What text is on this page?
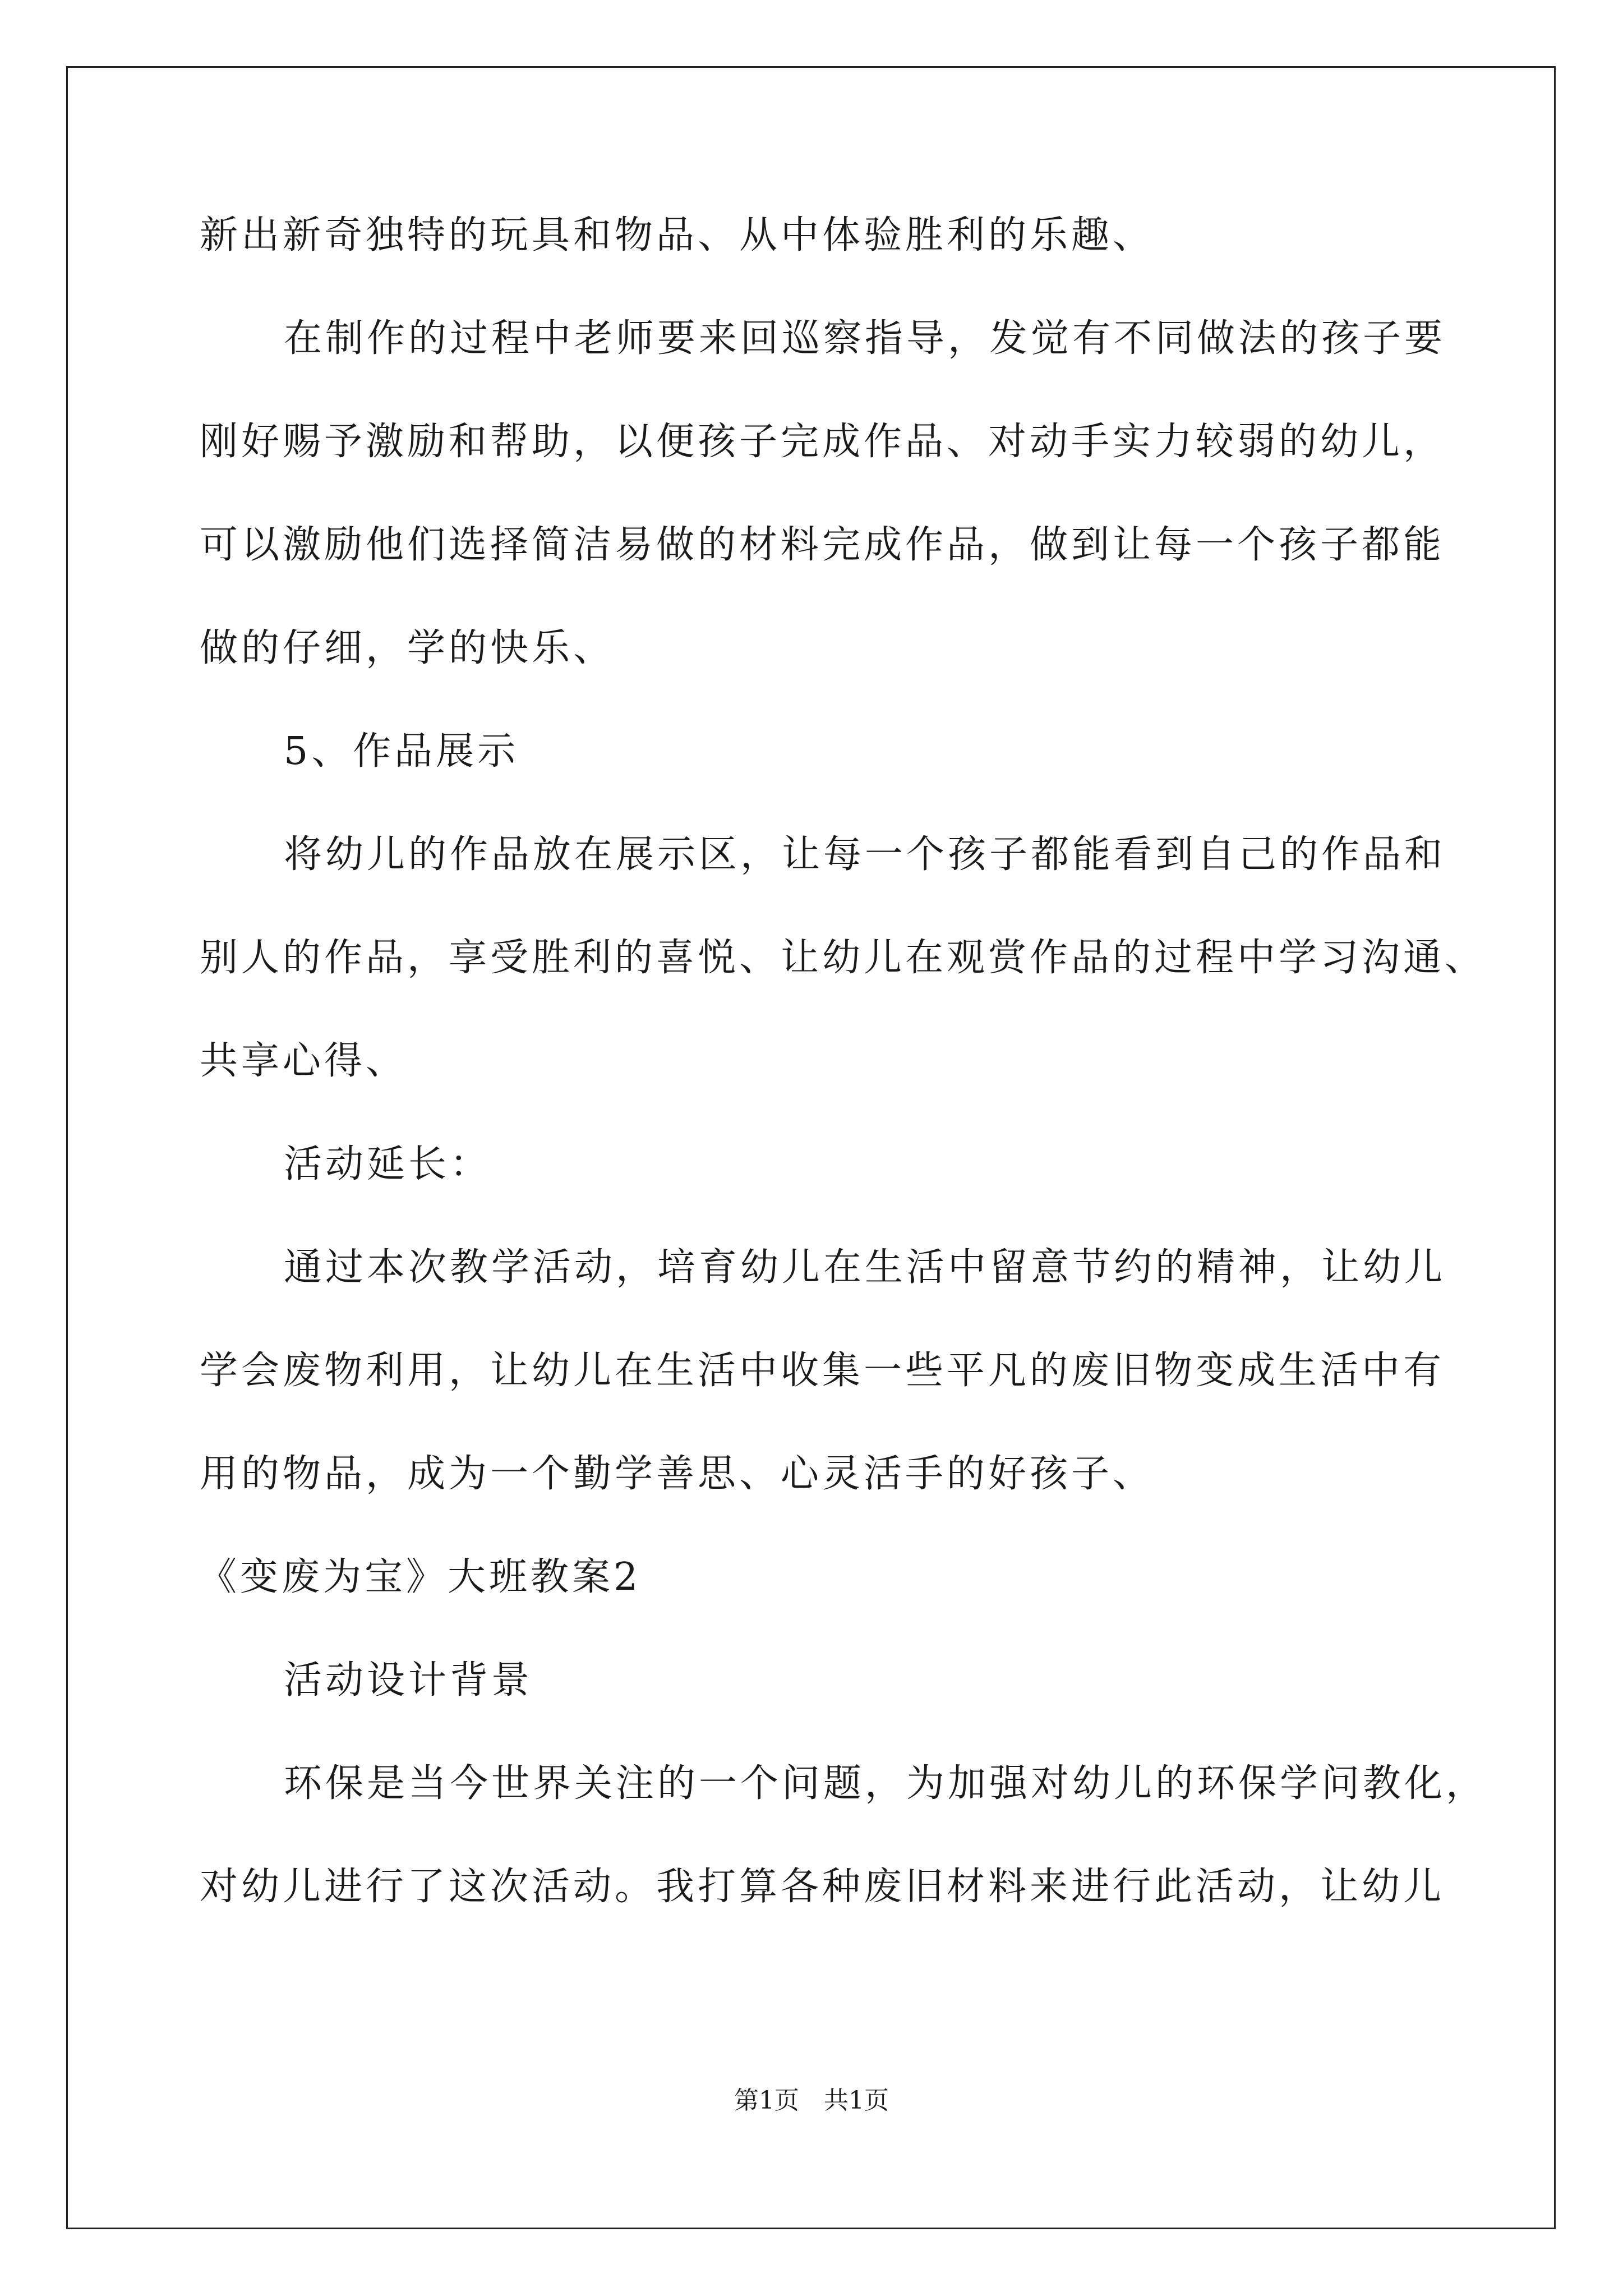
新出新奇独特的玩具和物品、从中体验胜利的乐趣、
在制作的过程中老师要来回巡察指导，发觉有不同做法的孩子要
刚好赐予激励和帮助，以便孩子完成作品、对动手实力较弱的幼儿，
可以激励他们选择简洁易做的材料完成作品，做到让每一个孩子都能
做的仔细，学的快乐、
5、作品展示
将幼儿的作品放在展示区，让每一个孩子都能看到自己的作品和
别人的作品，享受胜利的喜悦、让幼儿在观赏作品的过程中学习沟通、
共享心得、
活动延长：
通过本次教学活动，培育幼儿在生活中留意节约的精神，让幼儿
学会废物利用，让幼儿在生活中收集一些平凡的废旧物变成生活中有
用的物品，成为一个勤学善思、心灵活手的好孩子、
《变废为宝》大班教案2
活动设计背景
环保是当今世界关注的一个问题，为加强对幼儿的环保学问教化，
对幼儿进行了这次活动。我打算各种废旧材料来进行此活动，让幼儿
第1页　共1页
